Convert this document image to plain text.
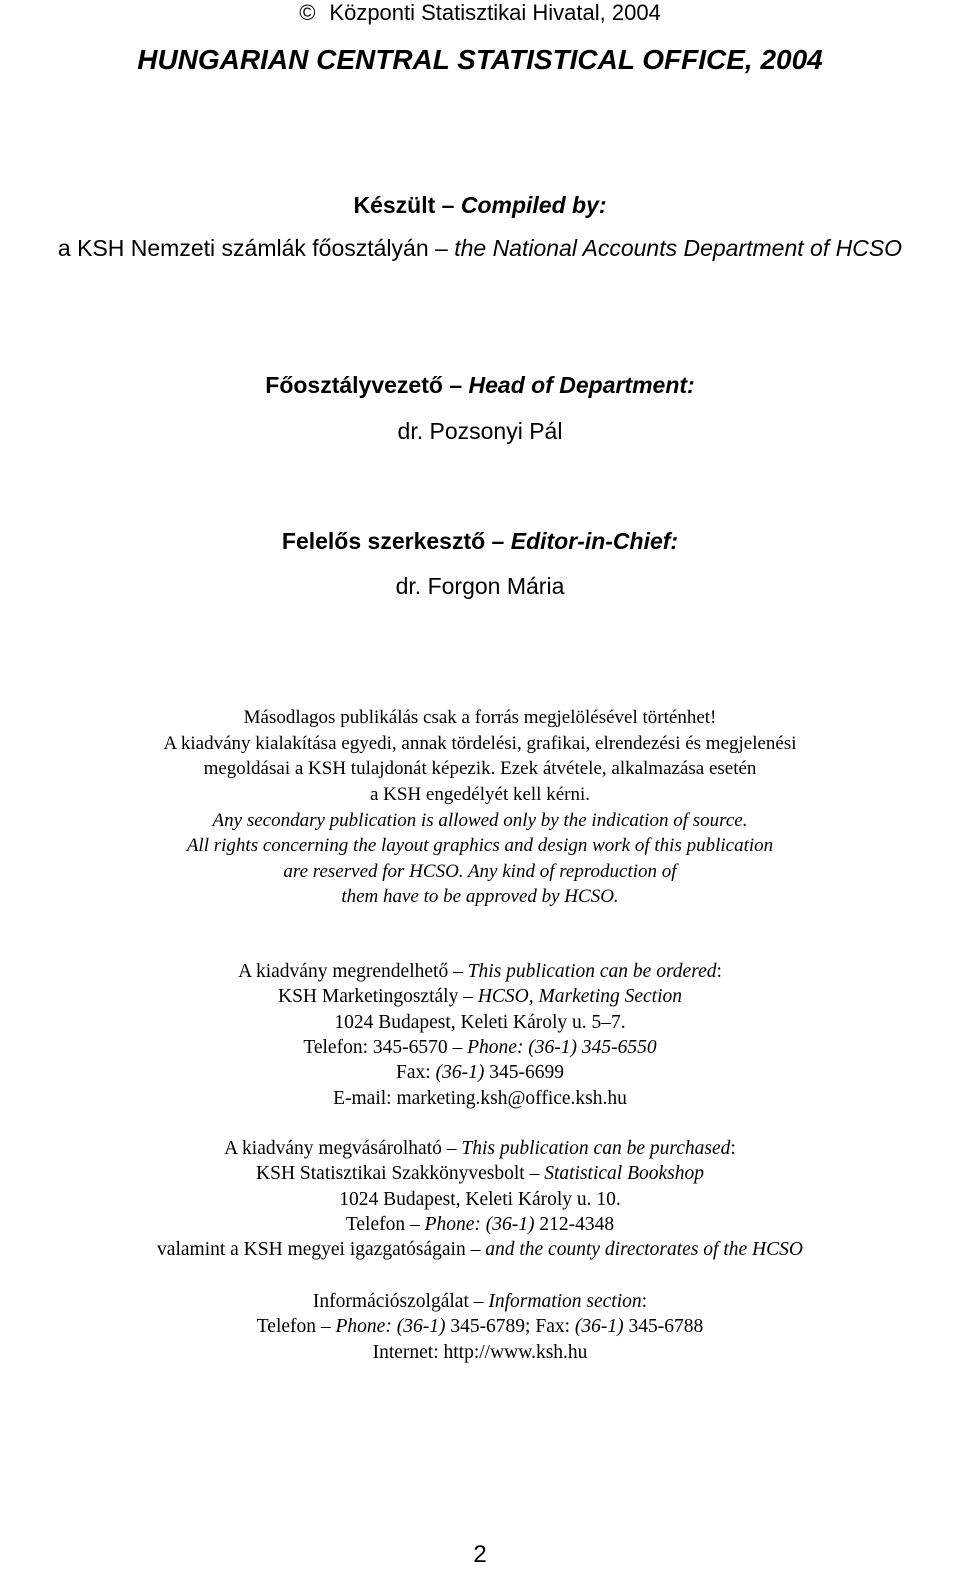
© Központi Statisztikai Hivatal, 2004
HUNGARIAN CENTRAL STATISTICAL OFFICE, 2004
Készült – Compiled by:
a KSH Nemzeti számlák főosztályán – the National Accounts Department of HCSO
Főosztályvezető – Head of Department:
dr. Pozsonyi Pál
Felelős szerkesztő – Editor-in-Chief:
dr. Forgon Mária
Másodlagos publikálás csak a forrás megjelölésével történhet!
A kiadvány kialakítása egyedi, annak tördelési, grafikai, elrendezési és megjelenési
megoldásai a KSH tulajdonát képezik. Ezek átvétele, alkalmazása esetén
a KSH engedélyét kell kérni.
Any secondary publication is allowed only by the indication of source.
All rights concerning the layout graphics and design work of this publication
are reserved for HCSO. Any kind of reproduction of
them have to be approved by HCSO.
A kiadvány megrendelhető – This publication can be ordered:
KSH Marketingosztály – HCSO, Marketing Section
1024 Budapest, Keleti Károly u. 5–7.
Telefon: 345-6570 – Phone: (36-1) 345-6550
Fax: (36-1) 345-6699
E-mail: marketing.ksh@office.ksh.hu
A kiadvány megvásárolható – This publication can be purchased:
KSH Statisztikai Szakkönyvesbolt – Statistical Bookshop
1024 Budapest, Keleti Károly u. 10.
Telefon – Phone: (36-1) 212-4348
valamint a KSH megyei igazgatóságain – and the county directorates of the HCSO
Információszolgálat – Information section:
Telefon – Phone: (36-1) 345-6789; Fax: (36-1) 345-6788
Internet: http://www.ksh.hu
2
